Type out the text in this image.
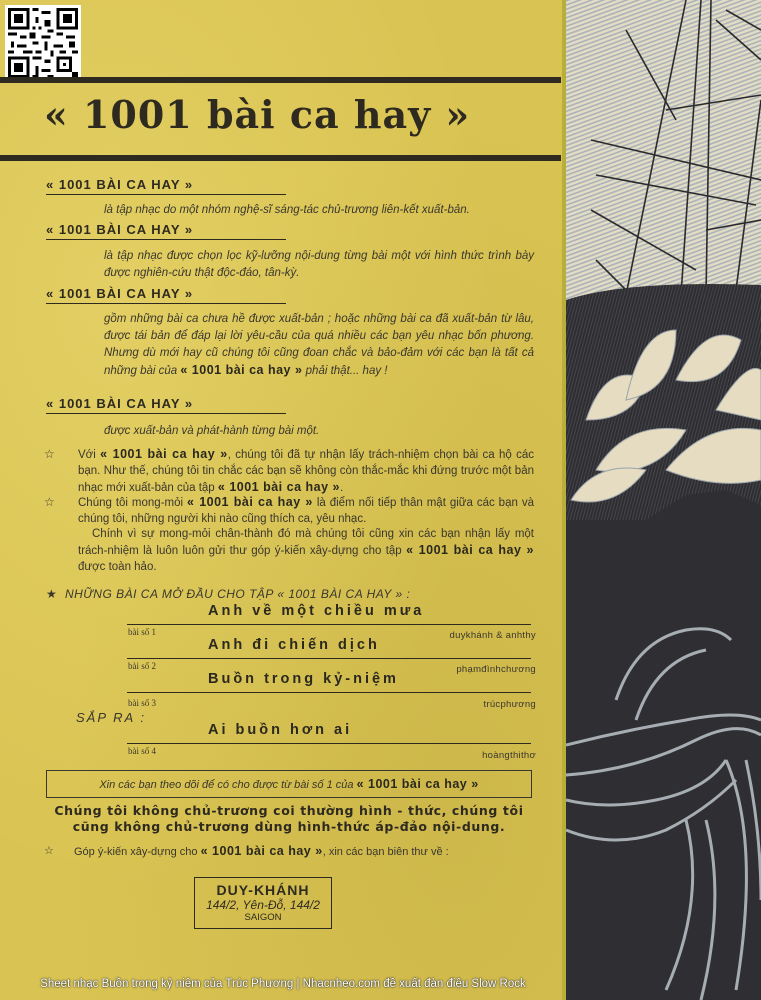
« 1001 bài ca hay »
« 1001 BÀI CA HAY »
là tập nhạc do một nhóm nghệ-sĩ sáng-tác chủ-trương liên-kết xuất-bản.
« 1001 BÀI CA HAY »
là tập nhạc được chọn lọc kỹ-lưỡng nội-dung từng bài một với hình thức trình bày được nghiên-cứu thật độc-đáo, tân-kỳ.
« 1001 BÀI CA HAY »
gồm những bài ca chưa hề được xuất-bản ; hoặc những bài ca đã xuất-bản từ lâu, được tái bản để đáp lại lời yêu-cầu của quá nhiều các bạn yêu nhạc bốn phương. Nhưng dù mới hay cũ chúng tôi cũng đoan chắc và bảo-đảm với các bạn là tất cả những bài của « 1001 bài ca hay » phải thật... hay !
« 1001 BÀI CA HAY »
được xuất-bản và phát-hành từng bài một.
☆ Với « 1001 bài ca hay », chúng tôi đã tự nhận lấy trách-nhiệm chọn bài ca hộ các bạn. Như thế, chúng tôi tin chắc các bạn sẽ không còn thắc-mắc khi đứng trước một bản nhạc mới xuất-bản của tập « 1001 bài ca hay ».
☆ Chúng tôi mong-mỏi « 1001 bài ca hay » là điểm nối tiếp thân mật giữa các bạn và chúng tôi, những người khi nào cũng thích ca, yêu nhạc.
Chính vì sự mong-mỏi chân-thành đó mà chúng tôi cũng xin các bạn nhận lấy một trách-nhiệm là luôn luôn gửi thư góp ý-kiến xây-dựng cho tập « 1001 bài ca hay » được toàn hảo.
★ NHỮNG BÀI CA MỞ ĐẦU CHO TẬP « 1001 BÀI CA HAY » :
Anh về một chiều mưa
bài số 1	duykhánh & anhthy
Anh đi chiến dịch
bài số 2	phạmđìnhchương
Buồn trong kỷ-niệm
bài số 3	trúcphương
SẮP RA :
Ai buồn hơn ai
bài số 4	hoàngthithơ
Xin các bạn theo dõi để có cho được từ bài số 1 của « 1001 bài ca hay »
Chúng tôi không chủ-trương coi thường hình - thức, chúng tôi
cũng không chủ-trương dùng hình-thức áp-đảo nội-dung.
☆ Góp ý-kiến xây-dựng cho « 1001 bài ca hay », xin các bạn biên thư về :
DUY-KHÁNH
144/2, Yên-Đỗ, 144/2
SAIGON
Sheet nhạc Buồn trong kỷ niệm của Trúc Phương | Nhacnheo.com đề xuất đàn điệu Slow Rock
